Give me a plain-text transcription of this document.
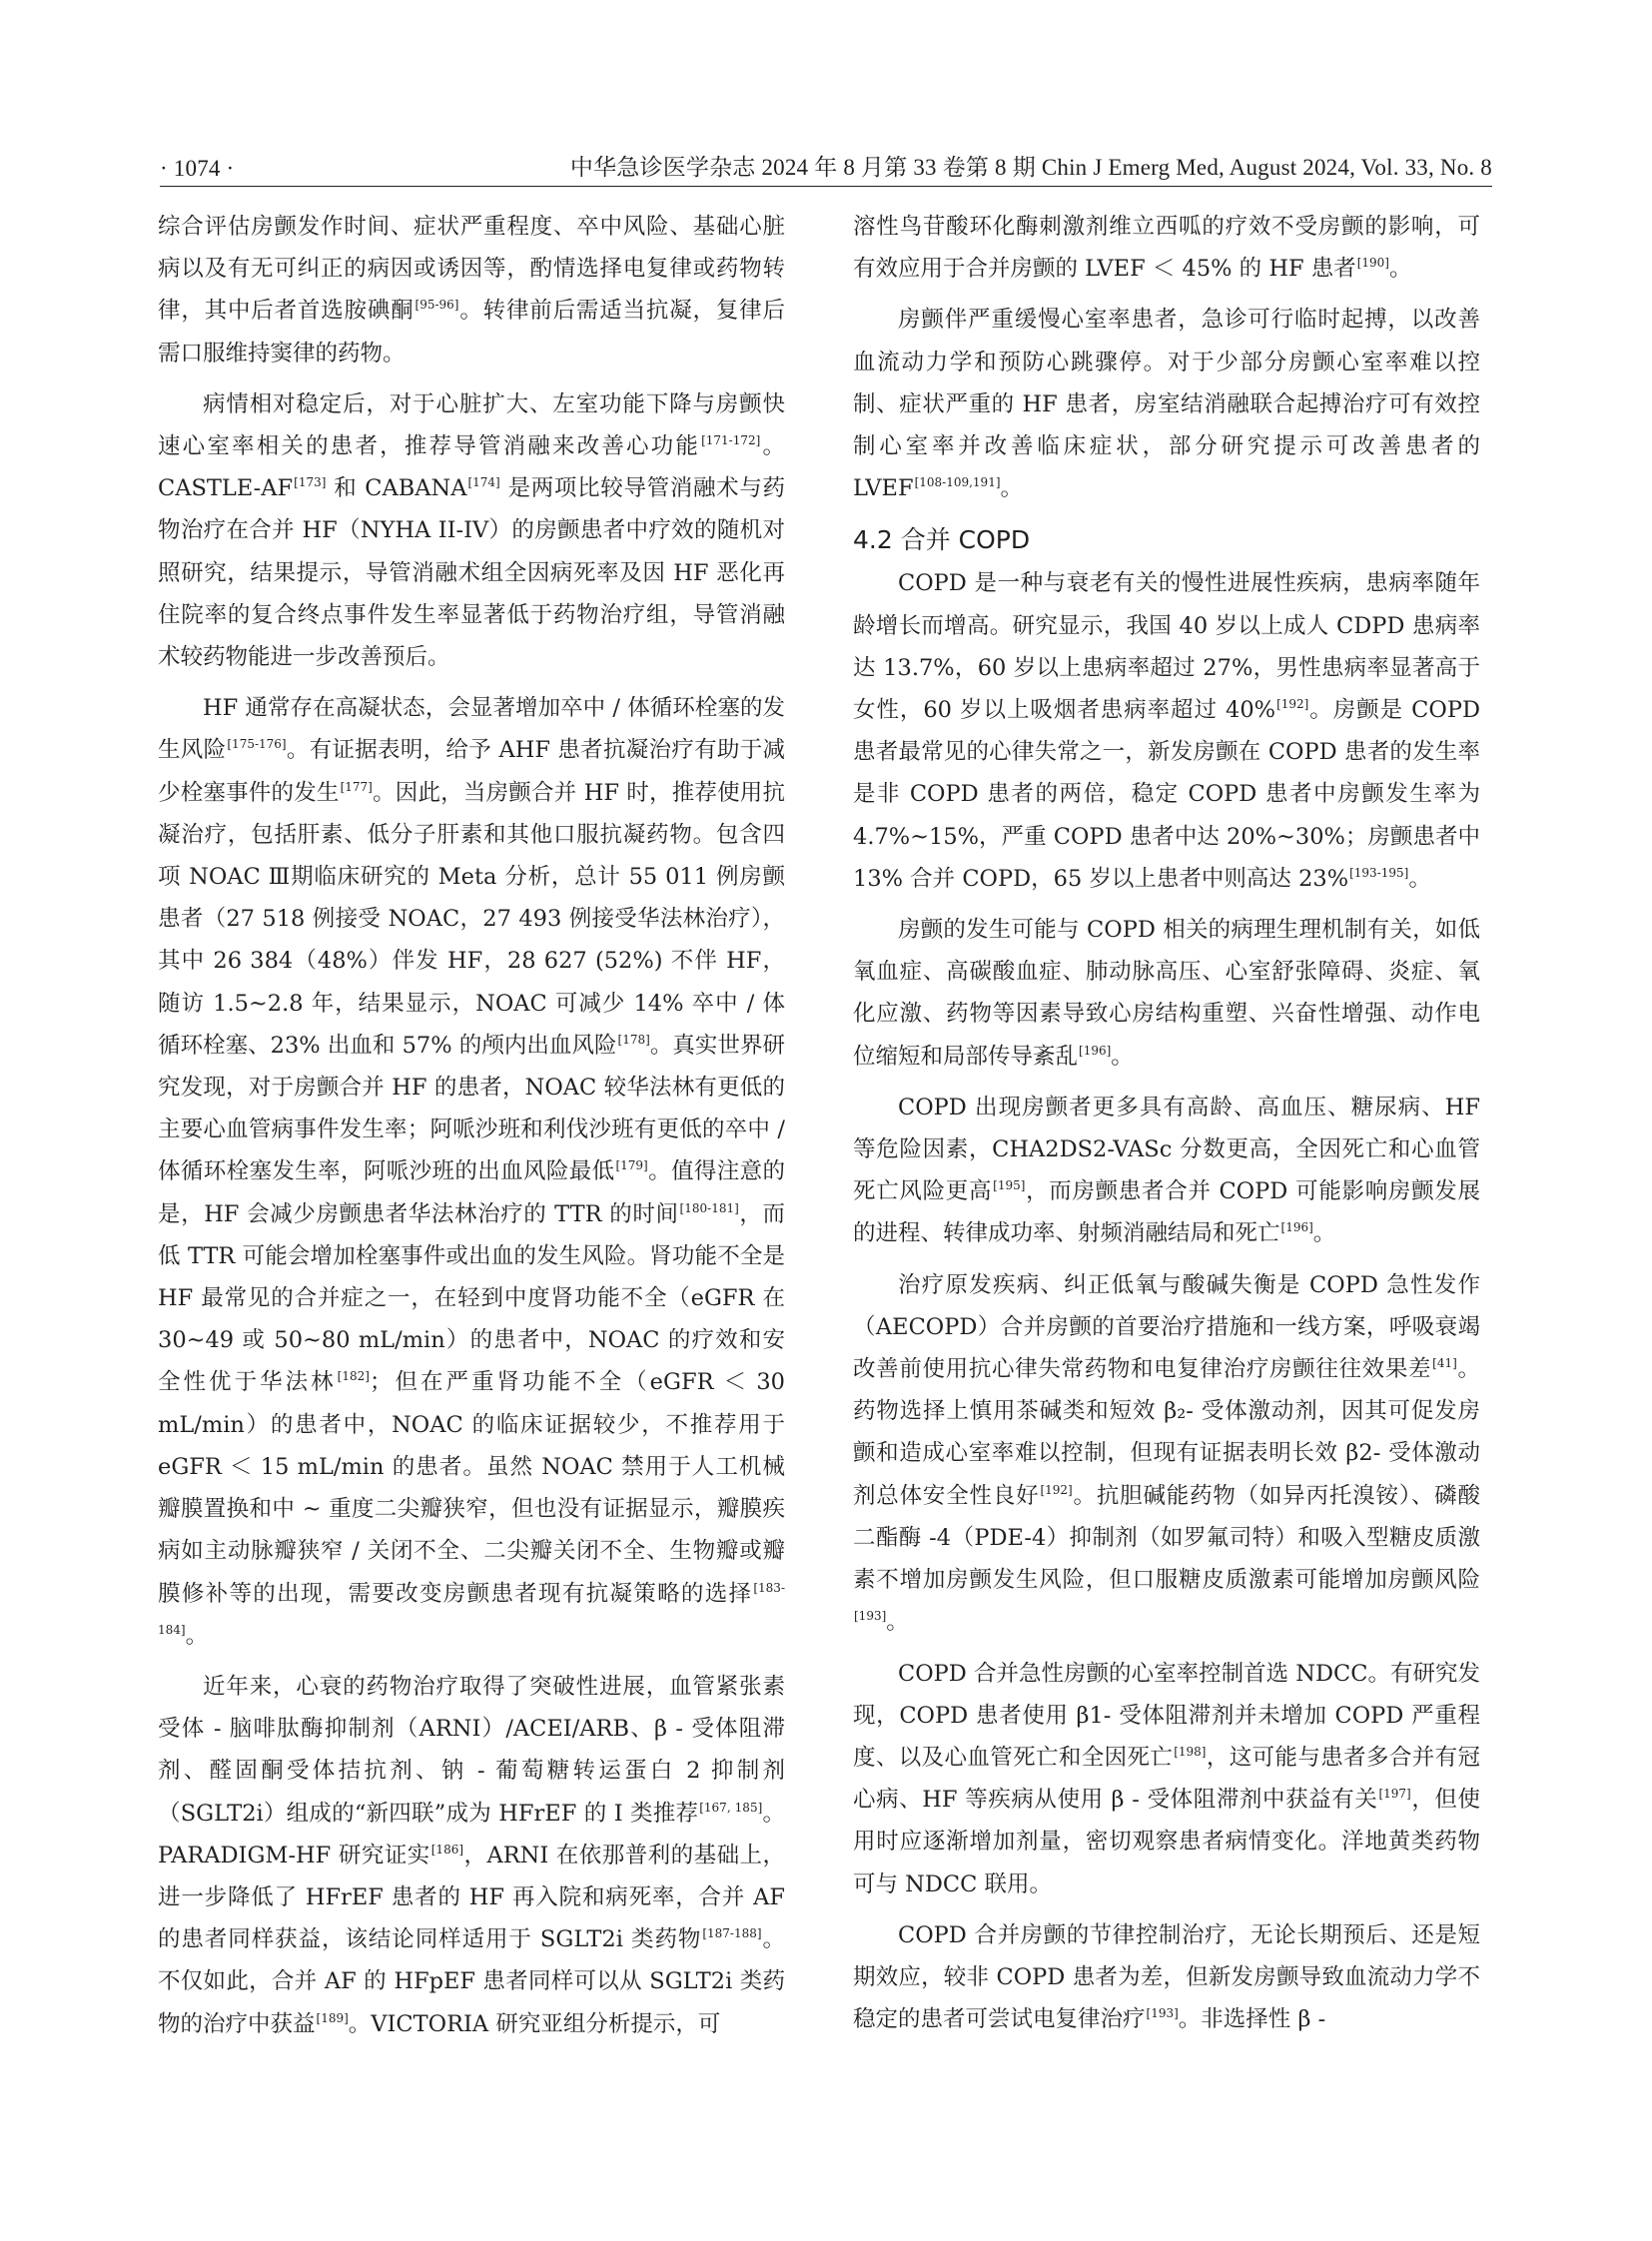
· 1074 ·	中华急诊医学杂志 2024 年 8 月第 33 卷第 8 期 Chin J Emerg Med, August 2024, Vol. 33, No. 8

综合评估房颤发作时间、症状严重程度、卒中风险、基础心脏病以及有无可纠正的病因或诱因等，酌情选择电复律或药物转律，其中后者首选胺碘酮[95-96]。转律前后需适当抗凝，复律后需口服维持窦律的药物。

病情相对稳定后，对于心脏扩大、左室功能下降与房颤快速心室率相关的患者，推荐导管消融来改善心功能[171-172]。CASTLE-AF[173] 和 CABANA[174] 是两项比较导管消融术与药物治疗在合并 HF（NYHA II-IV）的房颤患者中疗效的随机对照研究，结果提示，导管消融术组全因病死率及因 HF 恶化再住院率的复合终点事件发生率显著低于药物治疗组，导管消融术较药物能进一步改善预后。

HF 通常存在高凝状态，会显著增加卒中 / 体循环栓塞的发生风险[175-176]。有证据表明，给予 AHF 患者抗凝治疗有助于减少栓塞事件的发生[177]。因此，当房颤合并 HF 时，推荐使用抗凝治疗，包括肝素、低分子肝素和其他口服抗凝药物。包含四项 NOAC Ⅲ期临床研究的 Meta 分析，总计 55 011 例房颤患者（27 518 例接受 NOAC，27 493 例接受华法林治疗），其中 26 384（48%）伴发 HF，28 627 (52%) 不伴 HF，随访 1.5~2.8 年，结果显示，NOAC 可减少 14% 卒中 / 体循环栓塞、23% 出血和 57% 的颅内出血风险[178]。真实世界研究发现，对于房颤合并 HF 的患者，NOAC 较华法林有更低的主要心血管病事件发生率；阿哌沙班和利伐沙班有更低的卒中 / 体循环栓塞发生率，阿哌沙班的出血风险最低[179]。值得注意的是，HF 会减少房颤患者华法林治疗的 TTR 的时间[180-181]，而低 TTR 可能会增加栓塞事件或出血的发生风险。肾功能不全是 HF 最常见的合并症之一，在轻到中度肾功能不全（eGFR 在 30~49 或 50~80 mL/min）的患者中，NOAC 的疗效和安全性优于华法林[182]；但在严重肾功能不全（eGFR ＜ 30 mL/min）的患者中，NOAC 的临床证据较少，不推荐用于 eGFR ＜ 15 mL/min 的患者。虽然 NOAC 禁用于人工机械瓣膜置换和中 ~ 重度二尖瓣狭窄，但也没有证据显示，瓣膜疾病如主动脉瓣狭窄 / 关闭不全、二尖瓣关闭不全、生物瓣或瓣膜修补等的出现，需要改变房颤患者现有抗凝策略的选择[183-184]。

近年来，心衰的药物治疗取得了突破性进展，血管紧张素受体 - 脑啡肽酶抑制剂（ARNI）/ACEI/ARB、β - 受体阻滞剂、醛固酮受体拮抗剂、钠 - 葡萄糖转运蛋白 2 抑制剂（SGLT2i）组成的“新四联”成为 HFrEF 的 I 类推荐[167, 185]。PARADIGM-HF 研究证实[186]，ARNI 在依那普利的基础上，进一步降低了 HFrEF 患者的 HF 再入院和病死率，合并 AF 的患者同样获益，该结论同样适用于 SGLT2i 类药物[187-188]。不仅如此，合并 AF 的 HFpEF 患者同样可以从 SGLT2i 类药物的治疗中获益[189]。VICTORIA 研究亚组分析提示，可

溶性鸟苷酸环化酶刺激剂维立西呱的疗效不受房颤的影响，可有效应用于合并房颤的 LVEF ＜ 45% 的 HF 患者[190]。

房颤伴严重缓慢心室率患者，急诊可行临时起搏，以改善血流动力学和预防心跳骤停。对于少部分房颤心室率难以控制、症状严重的 HF 患者，房室结消融联合起搏治疗可有效控制心室率并改善临床症状，部分研究提示可改善患者的 LVEF[108-109,191]。

4.2 合并 COPD

COPD 是一种与衰老有关的慢性进展性疾病，患病率随年龄增长而增高。研究显示，我国 40 岁以上成人 CDPD 患病率达 13.7%，60 岁以上患病率超过 27%，男性患病率显著高于女性，60 岁以上吸烟者患病率超过 40%[192]。房颤是 COPD 患者最常见的心律失常之一，新发房颤在 COPD 患者的发生率是非 COPD 患者的两倍，稳定 COPD 患者中房颤发生率为 4.7%~15%，严重 COPD 患者中达 20%~30%；房颤患者中 13% 合并 COPD，65 岁以上患者中则高达 23%[193-195]。

房颤的发生可能与 COPD 相关的病理生理机制有关，如低氧血症、高碳酸血症、肺动脉高压、心室舒张障碍、炎症、氧化应激、药物等因素导致心房结构重塑、兴奋性增强、动作电位缩短和局部传导紊乱[196]。

COPD 出现房颤者更多具有高龄、高血压、糖尿病、HF 等危险因素，CHA2DS2-VASc 分数更高，全因死亡和心血管死亡风险更高[195]，而房颤患者合并 COPD 可能影响房颤发展的进程、转律成功率、射频消融结局和死亡[196]。

治疗原发疾病、纠正低氧与酸碱失衡是 COPD 急性发作（AECOPD）合并房颤的首要治疗措施和一线方案，呼吸衰竭改善前使用抗心律失常药物和电复律治疗房颤往往效果差[41]。药物选择上慎用茶碱类和短效 β₂- 受体激动剂，因其可促发房颤和造成心室率难以控制，但现有证据表明长效 β2- 受体激动剂总体安全性良好[192]。抗胆碱能药物（如异丙托溴铵）、磷酸二酯酶 -4（PDE-4）抑制剂（如罗氟司特）和吸入型糖皮质激素不增加房颤发生风险，但口服糖皮质激素可能增加房颤风险[193]。

COPD 合并急性房颤的心室率控制首选 NDCC。有研究发现，COPD 患者使用 β1- 受体阻滞剂并未增加 COPD 严重程度、以及心血管死亡和全因死亡[198]，这可能与患者多合并有冠心病、HF 等疾病从使用 β - 受体阻滞剂中获益有关[197]，但使用时应逐渐增加剂量，密切观察患者病情变化。洋地黄类药物可与 NDCC 联用。

COPD 合并房颤的节律控制治疗，无论长期预后、还是短期效应，较非 COPD 患者为差，但新发房颤导致血流动力学不稳定的患者可尝试电复律治疗[193]。非选择性 β -
